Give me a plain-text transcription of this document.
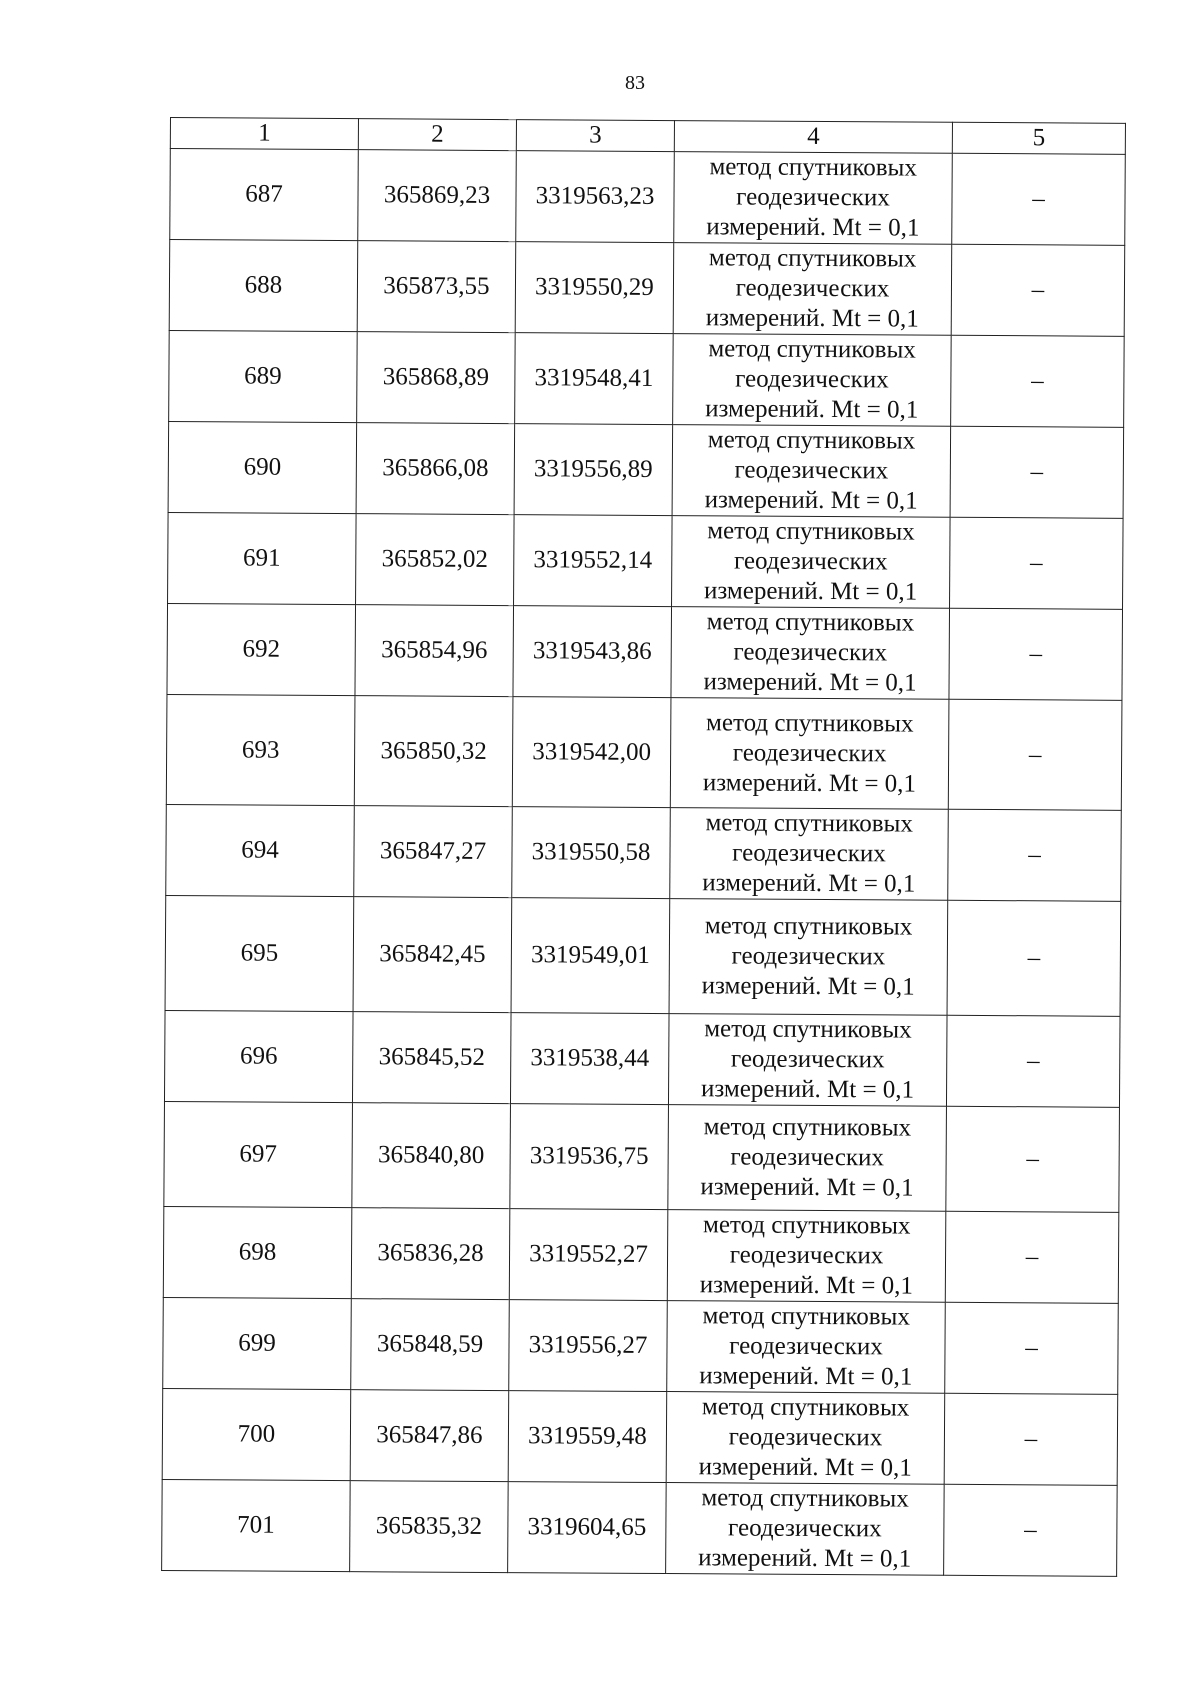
83
1	2	3	4	5
687	365869,23	3319563,23	метод спутниковых геодезических измерений. Mt = 0,1	–
688	365873,55	3319550,29	метод спутниковых геодезических измерений. Mt = 0,1	–
689	365868,89	3319548,41	метод спутниковых геодезических измерений. Mt = 0,1	–
690	365866,08	3319556,89	метод спутниковых геодезических измерений. Mt = 0,1	–
691	365852,02	3319552,14	метод спутниковых геодезических измерений. Mt = 0,1	–
692	365854,96	3319543,86	метод спутниковых геодезических измерений. Mt = 0,1	–
693	365850,32	3319542,00	метод спутниковых геодезических измерений. Mt = 0,1	–
694	365847,27	3319550,58	метод спутниковых геодезических измерений. Mt = 0,1	–
695	365842,45	3319549,01	метод спутниковых геодезических измерений. Mt = 0,1	–
696	365845,52	3319538,44	метод спутниковых геодезических измерений. Mt = 0,1	–
697	365840,80	3319536,75	метод спутниковых геодезических измерений. Mt = 0,1	–
698	365836,28	3319552,27	метод спутниковых геодезических измерений. Mt = 0,1	–
699	365848,59	3319556,27	метод спутниковых геодезических измерений. Mt = 0,1	–
700	365847,86	3319559,48	метод спутниковых геодезических измерений. Mt = 0,1	–
701	365835,32	3319604,65	метод спутниковых геодезических измерений. Mt = 0,1	–
